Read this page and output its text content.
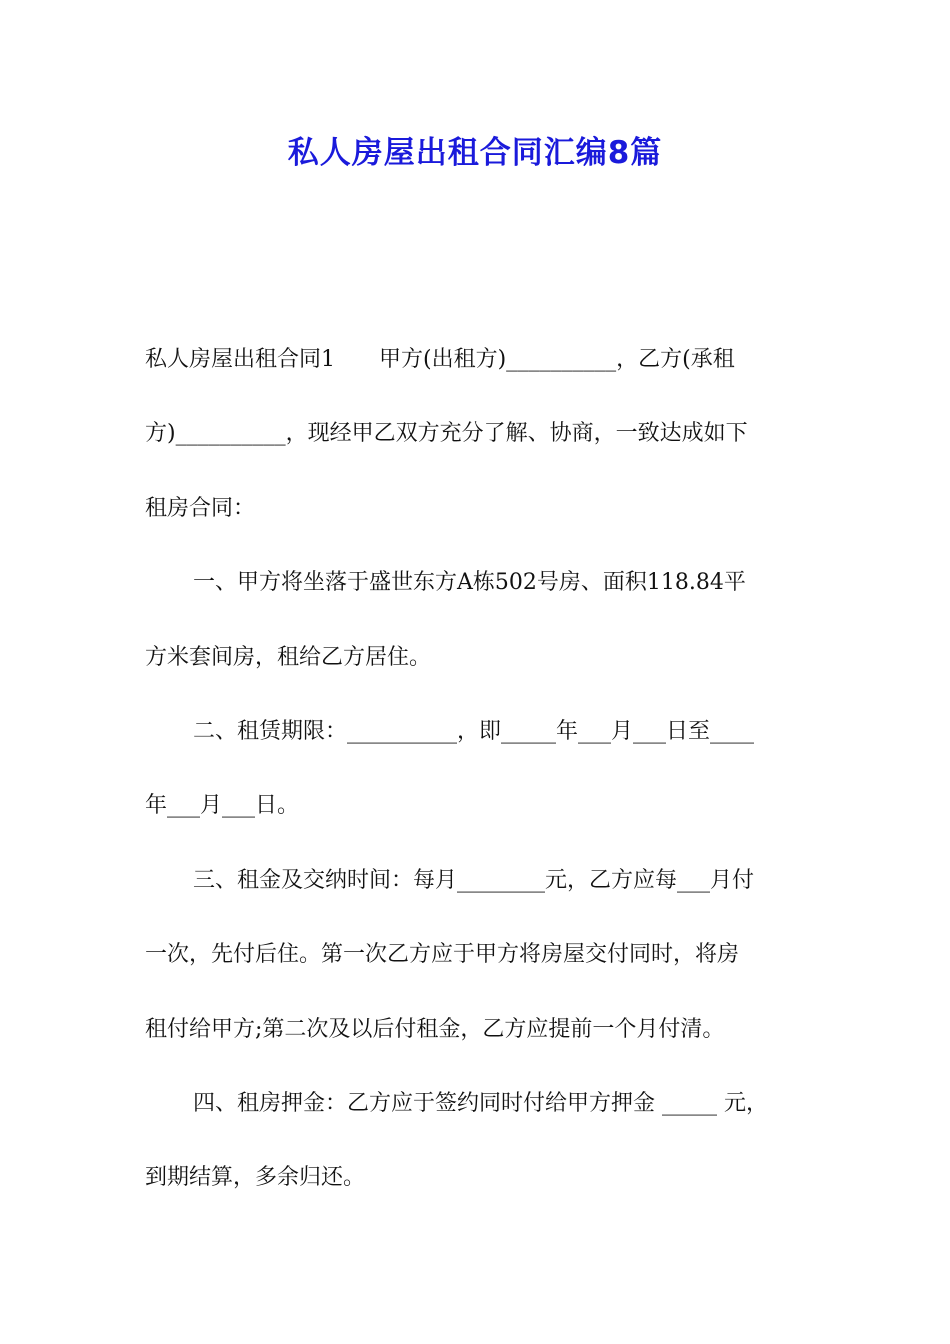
私人房屋出租合同汇编8篇
私人房屋出租合同1　　甲方(出租方)__________，乙方(承租
方)__________，现经甲乙双方充分了解、协商，一致达成如下
租房合同：
一、甲方将坐落于盛世东方A栋502号房、面积118.84平
方米套间房，租给乙方居住。
二、租赁期限：__________，即_____年___月___日至____
年___月___日。
三、租金及交纳时间：每月________元，乙方应每___月付
一次，先付后住。第一次乙方应于甲方将房屋交付同时，将房
租付给甲方;第二次及以后付租金，乙方应提前一个月付清。
四、租房押金：乙方应于签约同时付给甲方押金 _____ 元，
到期结算，多余归还。
